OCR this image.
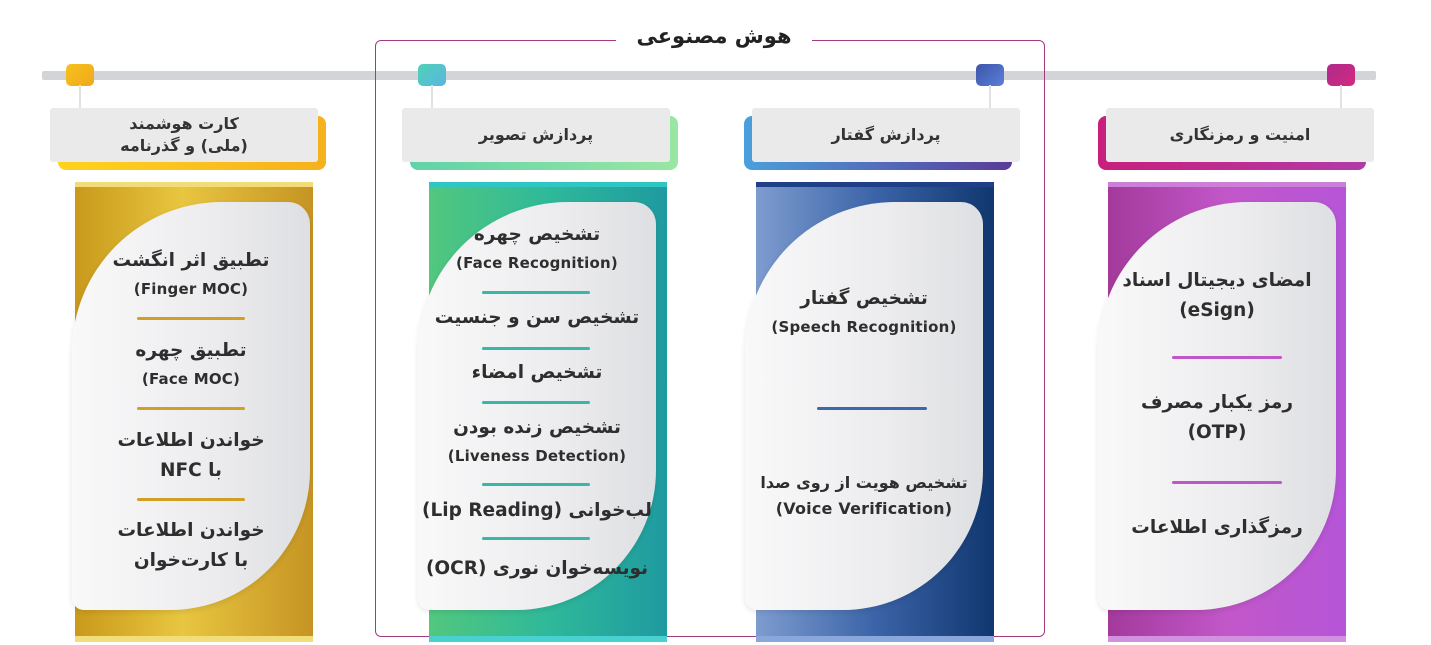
هوش مصنوعی
کارت هوشمند
(ملی) و گذرنامه
تطبیق اثر انگشت
(Finger MOC)
تطبیق چهره
(Face MOC)
خواندن اطلاعات
با NFC
خواندن اطلاعات
با کارت‌خوان
پردازش تصویر
تشخیص چهره
(Face Recognition)
تشخیص سن و جنسیت
تشخیص امضاء
تشخیص زنده بودن
(Liveness Detection)
لب‌خوانی (Lip Reading)
نویسه‌خوان نوری (OCR)
پردازش گفتار
تشخیص گفتار
(Speech Recognition)
تشخیص هویت از روی صدا
(Voice Verification)
امنیت و رمزنگاری
امضای دیجیتال اسناد
(eSign)
رمز یکبار مصرف
(OTP)
رمزگذاری اطلاعات
